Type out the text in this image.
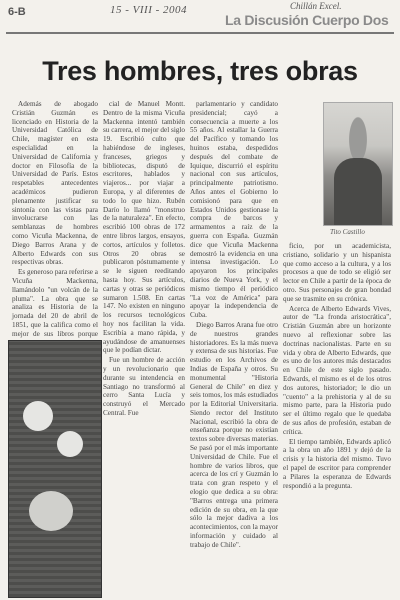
6-B	15 - VIII - 2004	Chillán Excel.
La Discusión Cuerpo Dos
Tres hombres, tres obras

Además de abogado Cristián Guzmán es licenciado en Historia de la Universidad Católica de Chile, magíster en esta especialidad en la Universidad de California y doctor en Filosofía de la Universidad de París. Estos respetables antecedentes académicos pudieron plenamente justificar su sintonía con las vistas para involucrarse con las semblanzas de hombres como Vicuña Mackenna, de Diego Barros Arana y de Alberto Edwards con sus respectivas obras.

Es generoso para referirse a Vicuña Mackenna, llamándolo "un volcán de la pluma". La obra que se analiza es Historia de la jornada del 20 de abril de 1851, que la califica como el mejor de sus libros porque

cial de Manuel Montt. Dentro de la misma Vicuña Mackenna intentó también su carrera, el mejor del siglo 19. Escribió culto que habiéndose de ingleses, franceses, griegos y bibliotecas, disputó de escritores, hablados y viajeros... por viajar a Europa, y al diferentes de todo lo que hizo. Rubén Darío lo llamó "monstruo de la naturaleza". En efecto, escribió 100 obras de 172 entre libros largos, ensayos, cortos, artículos y folletos. Otros 20 obras se publicaron póstumamente y se le siguen reeditando hasta hoy. Sus artículos, cartas y otras se periódicos sumaron 1.508. En cartas 147. No existen en ninguno los recursos tecnológicos hoy nos facilitan la vida. Escribía a mano rápida, y ayudándose de amanuenses que le podían dictar.

Fue un hombre de acción y un revolucionario que durante su intendencia en Santiago no transformó al cerro Santa Lucía y construyó el Mercado Central. Fue

parlamentario y candidato presidencial; cayó a consecuencia a muerte a los 55 años. Al estallar la Guerra del Pacífico y tomando los huinos estaba, despedidos después del combate de Iquique, discurrió el espíritu nacional con sus artículos, principalmente patriotismo. Años antes el Gobierno lo comisionó para que en Estados Unidos gestionase la compra de barcos y armamentos a raíz de la guerra con España. Guzmán dice que Vicuña Mackenna demostró la evidencia en una intensa investigación. Lo apoyaron los principales diarios de Nueva York, y el mismo tiempo él periódico "La voz de América" para apoyar la independencia de Cuba.

Diego Barros Arana fue otro de nuestros grandes historiadores. Es la más nueva y extensa de sus historias. Fue estudio en los Archivos de Indias de España y otros. Su monumental "Historia General de Chile" en diez y seis tomos, los más estudiados por la Editorial Universitaria. Siendo rector del Instituto Nacional, escribió la obra de enseñanza porque no existían textos sobre diversas materias. Se pasó por el más importante Universidad de Chile. Fue el hombre de varios libros, que acerca de los crí y Guzmán lo trata con gran respeto y el elogio que dedica a su obra: "Barros entrega una primera edición de su obra, en la que sólo la mejor dadiva a los acontecimientos, con la mayor información y cuidado al trabajo de Chile".

Tito Castillo

ficio, por un academicista, cristiano, solidario y un hispanista que como acceso a la cultura, y a los procesos a que de todo se eligió ser lector en Chile a partir de la época de otro. Sus personajes de gran bondad que se trasmite en su crónica.

Acerca de Alberto Edwards Vives, autor de "La fronda aristocrática", Cristián Guzmán abre un horizonte nuevo al reflexionar sobre las doctrinas nacionalistas. Parte en su vida y obra de Alberto Edwards, que es uno de los autores más destacados en Chile de este siglo pasado. Edwards, el mismo es el de los otros dos autores, historiador; le dio un "cuento" a la prehistoria y al de su mismo parte, para la Historia pudo ser el último regalo que le quedaba de sus años de profesión, estaban de crítica.

El tiempo también, Edwards aplicó a la obra un año 1891 y dejó de la crisis y la historia del mismo. Tuvo el papel de escritor para comprender a Pilares la esperanza de Edwards respondió a la pregunta.
